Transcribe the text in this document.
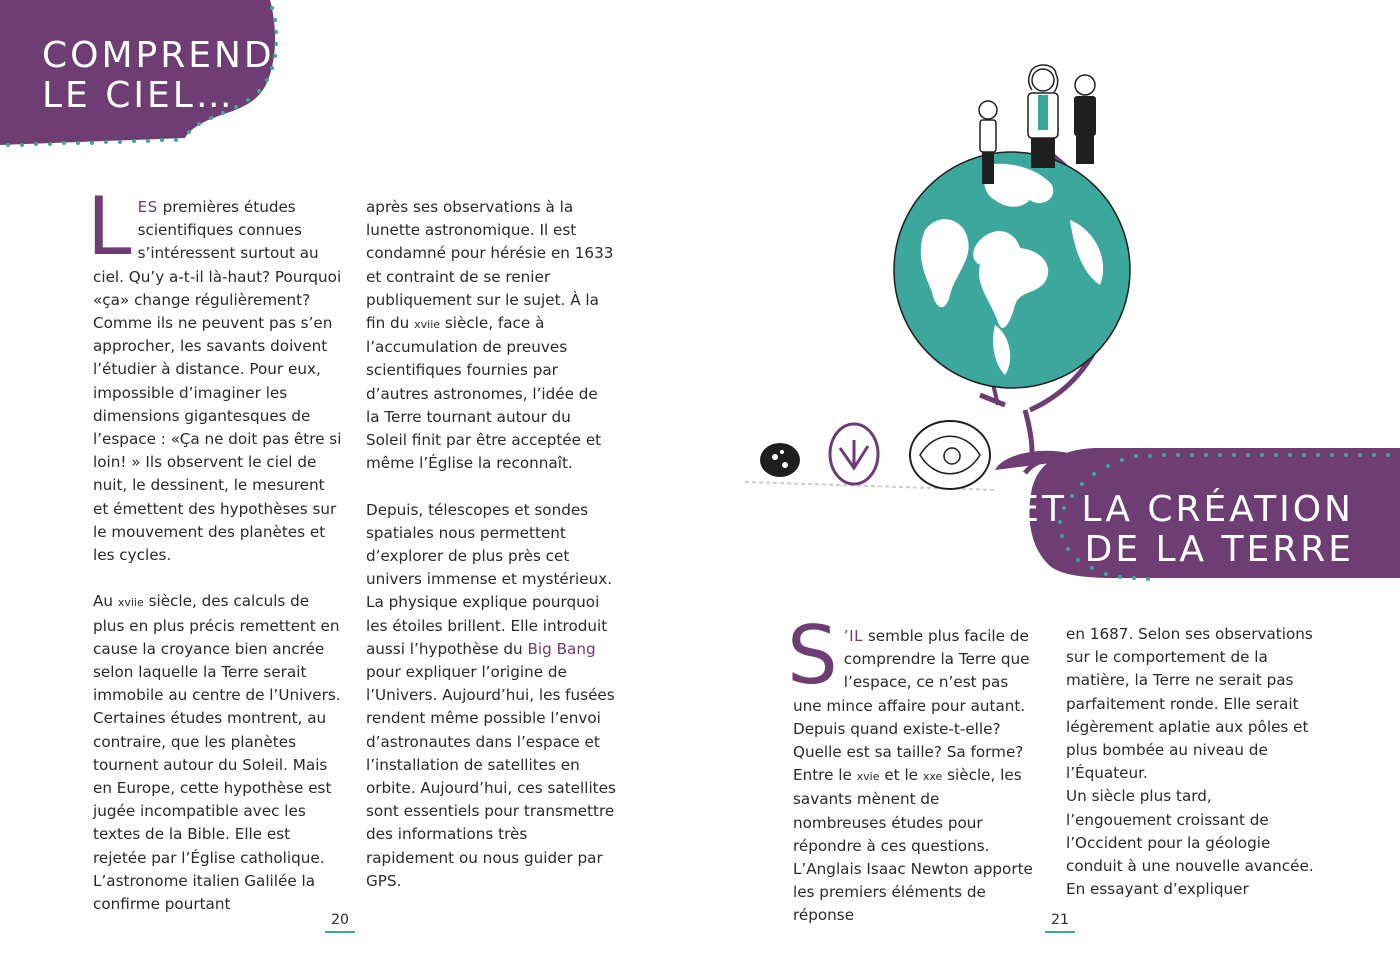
COMPRENDRE
LE CIEL…

LES premières études scientifiques connues s’intéressent surtout au ciel. Qu’y a-t-il là-haut? Pourquoi «ça» change régulièrement? Comme ils ne peuvent pas s’en approcher, les savants doivent l’étudier à distance. Pour eux, impossible d’imaginer les dimensions gigantesques de l’espace : «Ça ne doit pas être si loin! » Ils observent le ciel de nuit, le dessinent, le mesurent et émettent des hypothèses sur le mouvement des planètes et les cycles.

Au xviie siècle, des calculs de plus en plus précis remettent en cause la croyance bien ancrée selon laquelle la Terre serait immobile au centre de l’Univers. Certaines études montrent, au contraire, que les planètes tournent autour du Soleil. Mais en Europe, cette hypothèse est jugée incompatible avec les textes de la Bible. Elle est rejetée par l’Église catholique. L’astronome italien Galilée la confirme pourtant

après ses observations à la lunette astronomique. Il est condamné pour hérésie en 1633 et contraint de se renier publiquement sur le sujet. À la fin du xviie siècle, face à l’accumulation de preuves scientifiques fournies par d’autres astronomes, l’idée de la Terre tournant autour du Soleil finit par être acceptée et même l’Église la reconnaît.

Depuis, télescopes et sondes spatiales nous permettent d’explorer de plus près cet univers immense et mystérieux. La physique explique pourquoi les étoiles brillent. Elle introduit aussi l’hypothèse du Big Bang pour expliquer l’origine de l’Univers. Aujourd’hui, les fusées rendent même possible l’envoi d’astronautes dans l’espace et l’installation de satellites en orbite. Aujourd’hui, ces satellites sont essentiels pour transmettre des informations très rapidement ou nous guider par GPS.

20
… ET LA CRÉATION
DE LA TERRE

S ’IL semble plus facile de comprendre la Terre que l’espace, ce n’est pas une mince affaire pour autant. Depuis quand existe-t-elle? Quelle est sa taille? Sa forme? Entre le xvie et le xxe siècle, les savants mènent de nombreuses études pour répondre à ces questions. L’Anglais Isaac Newton apporte les premiers éléments de réponse

en 1687. Selon ses observations sur le comportement de la matière, la Terre ne serait pas parfaitement ronde. Elle serait légèrement aplatie aux pôles et plus bombée au niveau de l’Équateur.

Un siècle plus tard, l’engouement croissant de l’Occident pour la géologie conduit à une nouvelle avancée. En essayant d’expliquer

21
